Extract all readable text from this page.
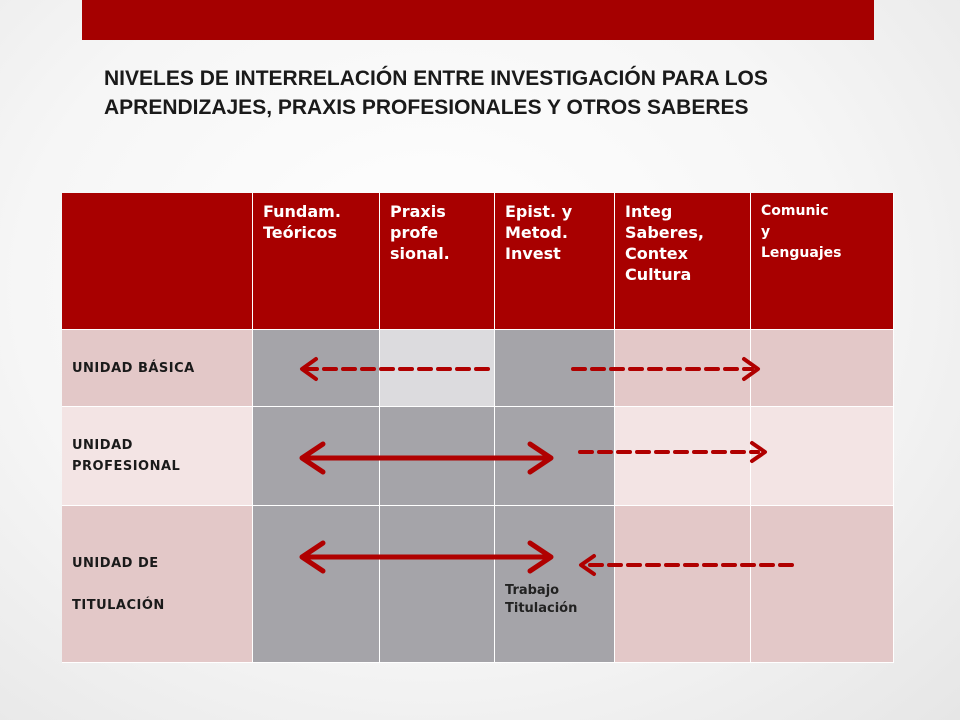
NIVELES DE INTERRELACIÓN ENTRE INVESTIGACIÓN PARA LOS APRENDIZAJES, PRAXIS PROFESIONALES Y OTROS SABERES
Fundam.
Teóricos
Praxis
profe
sional.
Epist. y
Metod.
Invest
Integ
Saberes,
Contex
Cultura
Comunic
y
Lenguajes
UNIDAD BÁSICA
UNIDAD
PROFESIONAL
UNIDAD DE

TITULACIÓN
Trabajo
Titulación
